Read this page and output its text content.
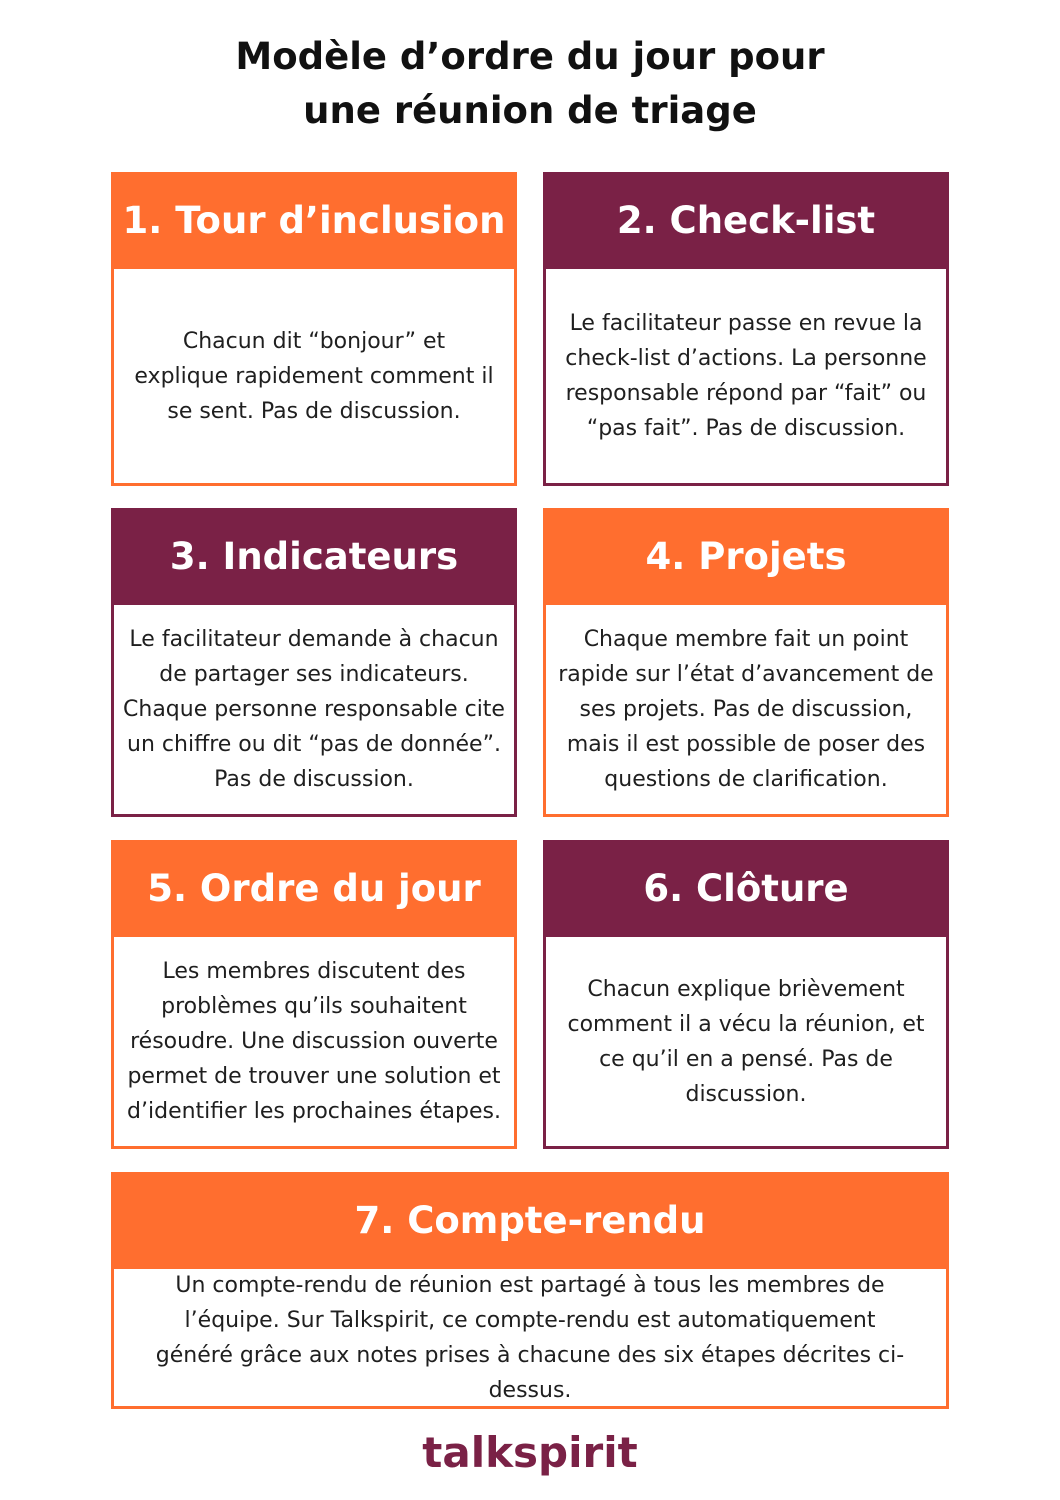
Modèle d’ordre du jour pour
une réunion de triage
1. Tour d’inclusion
Chacun dit “bonjour” et explique rapidement comment il se sent. Pas de discussion.
2. Check-list
Le facilitateur passe en revue la check-list d’actions. La personne responsable répond par “fait” ou “pas fait”. Pas de discussion.
3. Indicateurs
Le facilitateur demande à chacun de partager ses indicateurs. Chaque personne responsable cite un chiffre ou dit “pas de donnée”. Pas de discussion.
4. Projets
Chaque membre fait un point rapide sur l’état d’avancement de ses projets. Pas de discussion, mais il est possible de poser des questions de clarification.
5. Ordre du jour
Les membres discutent des problèmes qu’ils souhaitent résoudre. Une discussion ouverte permet de trouver une solution et d’identifier les prochaines étapes.
6. Clôture
Chacun explique brièvement comment il a vécu la réunion, et ce qu’il en a pensé. Pas de discussion.
7. Compte-rendu
Un compte-rendu de réunion est partagé à tous les membres de l’équipe. Sur Talkspirit, ce compte-rendu est automatiquement généré grâce aux notes prises à chacune des six étapes décrites ci-dessus.
talkspirit
